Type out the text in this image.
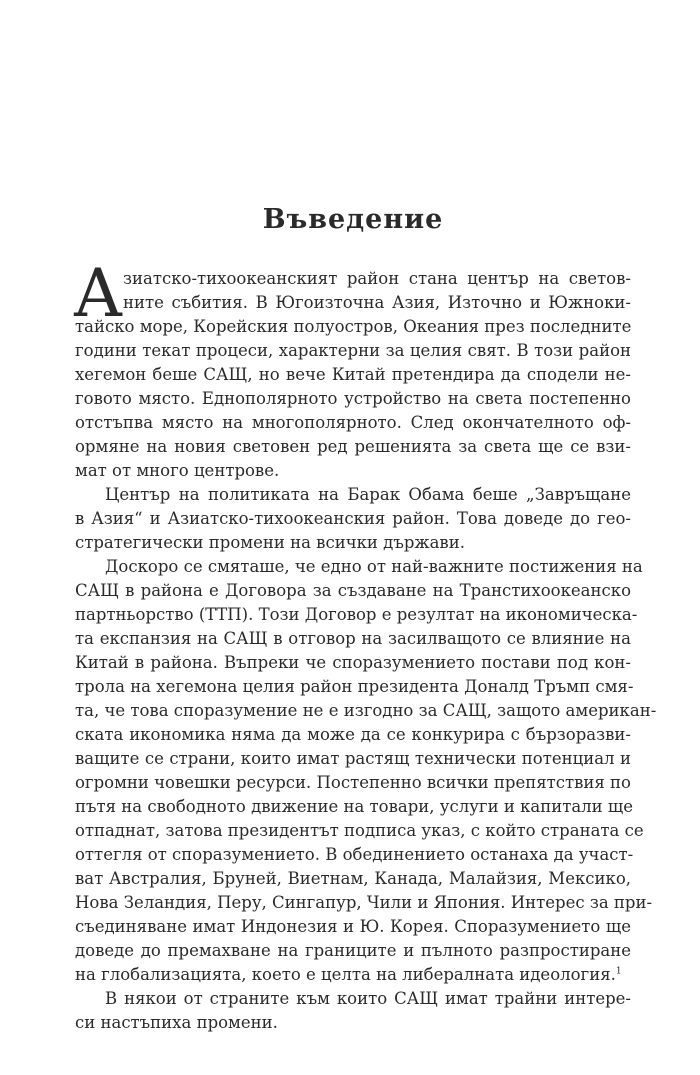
Въведение
А зиатско-тихоокеанският район стана център на светов-
ните събития. В Югоизточна Азия, Източно и Южноки-
тайско море, Корейския полуостров, Океания през последните
години текат процеси, характерни за целия свят. В този район
хегемон беше САЩ, но вече Китай претендира да сподели не-
говото място. Еднополярното устройство на света постепенно
отстъпва място на многополярното. След окончателното оф-
ормяне на новия световен ред решенията за света ще се взи-
мат от много центрове.
Център на политиката на Барак Обама беше „Завръщане
в Азия“ и Азиатско-тихоокеанския район. Това доведе до гео-
стратегически промени на всички държави.
Доскоро се смяташе, че едно от най-важните постижения на
САЩ в района е Договора за създаване на Транстихоокеанско
партньорство (ТТП). Този Договор е резултат на икономическа-
та експанзия на САЩ в отговор на засилващото се влияние на
Китай в района. Въпреки че споразумението постави под кон-
трола на хегемона целия район президента Доналд Тръмп смя-
та, че това споразумение не е изгодно за САЩ, защото американ-
ската икономика няма да може да се конкурира с бързоразви-
ващите се страни, които имат растящ технически потенциал и
огромни човешки ресурси. Постепенно всички препятствия по
пътя на свободното движение на товари, услуги и капитали ще
отпаднат, затова президентът подписа указ, с който страната се
оттегля от споразумението. В обединението останаха да участ-
ват Австралия, Бруней, Виетнам, Канада, Малайзия, Мексико,
Нова Зеландия, Перу, Сингапур, Чили и Япония. Интерес за при-
съединяване имат Индонезия и Ю. Корея. Споразумението ще
доведе до премахване на границите и пълното разпростиране
на глобализацията, което е целта на либералната идеология.$^1$
В някои от страните към които САЩ имат трайни интере-
си настъпиха промени.
